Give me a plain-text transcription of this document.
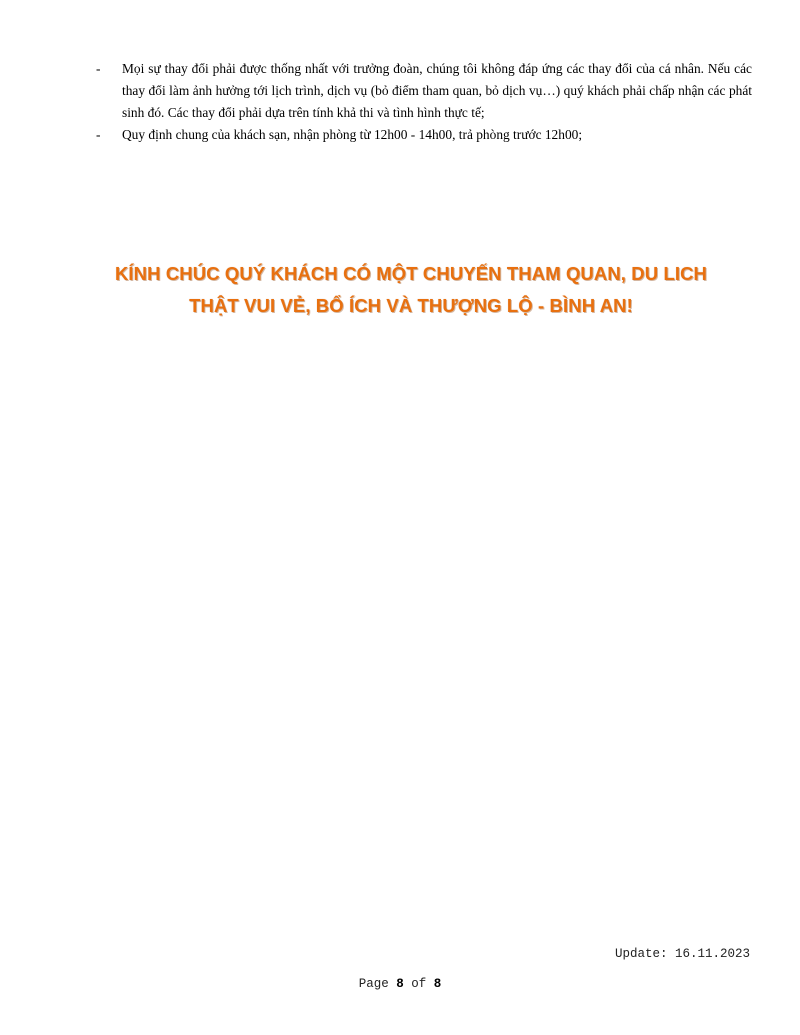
- Mọi sự thay đổi phải được thống nhất với trưởng đoàn, chúng tôi không đáp ứng các thay đổi của cá nhân. Nếu các thay đổi làm ảnh hưởng tới lịch trình, dịch vụ (bỏ điểm tham quan, bỏ dịch vụ…) quý khách phải chấp nhận các phát sinh đó. Các thay đổi phải dựa trên tính khả thi và tình hình thực tế;
- Quy định chung của khách sạn, nhận phòng từ 12h00 - 14h00, trả phòng trước 12h00;
KÍNH CHÚC QUÝ KHÁCH CÓ MỘT CHUYẾN THAM QUAN, DU LICH
THẬT VUI VẺ, BỔ ÍCH VÀ THƯỢNG LỘ - BÌNH AN!
Update: 16.11.2023
Page 8 of 8
